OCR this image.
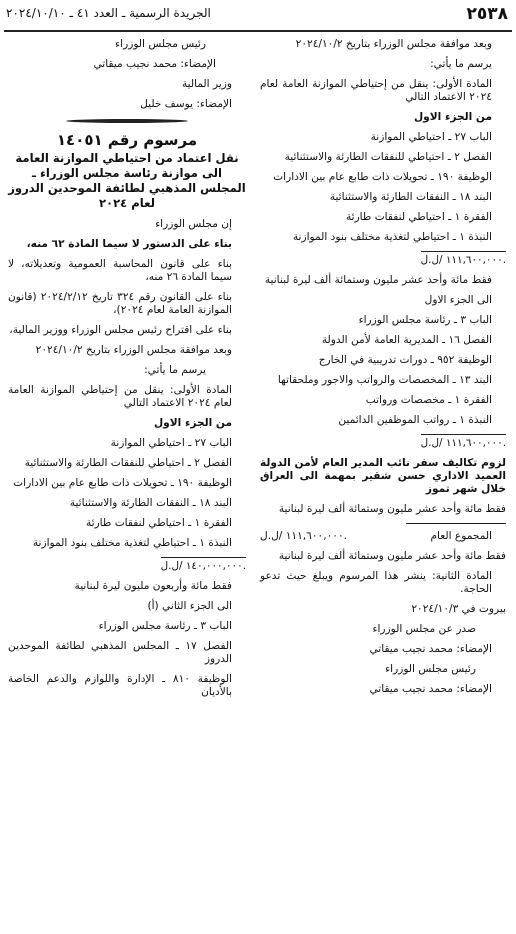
٢٥٣٨
الجريدة الرسمية ـ العدد ٤١ ـ ٢٠٢٤/١٠/١٠
وبعد موافقة مجلس الوزراء بتاريخ ٢٠٢٤/١٠/٢
يرسم ما يأتي:
المادة الأولى: ينقل من إحتياطي الموازنة العامة لعام ٢٠٢٤ الاعتماد التالي
من الجزء الاول
الباب ٢٧ ـ احتياطي الموازنة
الفصل ٢ ـ احتياطي للنفقات الطارئة والاستثنائية
الوظيفة ١٩٠ ـ تحويلات ذات طابع عام بين الادارات
البند ١٨ ـ النفقات الطارئة والاستثنائية
الفقرة ١ ـ احتياطي لنفقات طارئة
النبذة ١ ـ احتياطي لتغذية مختلف بنود الموازنة
١١١,٦٠٠,٠٠٠ /ل.ل.
فقط مائة وأحد عشر مليون وستمائة ألف ليرة لبنانية
الى الجزء الاول
الباب ٣ ـ رئاسة مجلس الوزراء
الفصل ١٦ ـ المديرية العامة لأمن الدولة
الوظيفة ٩٥٢ ـ دورات تدريبية في الخارج
البند ١٣ ـ المخصصات والرواتب والاجور وملحقاتها
الفقرة ١ ـ مخصصات ورواتب
النبذة ١ ـ رواتب الموظفين الدائمين
١١١,٦٠٠,٠٠٠ /ل.ل.
لزوم تكاليف سفر نائب المدير العام لأمن الدولة العميد الاداري حسن شقير بمهمة الى العراق خلال شهر تموز
فقط مائة وأحد عشر مليون وستمائة ألف ليرة لبنانية
المجموع العام
١١١,٦٠٠,٠٠٠ /ل.ل.
فقط مائة وأحد عشر مليون وستمائة ألف ليرة لبنانية
المادة الثانية: ينشر هذا المرسوم ويبلغ حيث تدعو الحاجة.
بيروت في ٢٠٢٤/١٠/٣
صدر عن مجلس الوزراء
الإمضاء: محمد نجيب ميقاتي
رئيس مجلس الوزراء
الإمضاء: محمد نجيب ميقاتي
رئيس مجلس الوزراء
الإمضاء: محمد نجيب ميقاتي
وزير المالية
الإمضاء: يوسف خليل
مرسوم رقم ١٤٠٥١
نقل اعتماد من احتياطي الموازنة العامة الى موازنة رئاسة مجلس الوزراء ـ المجلس المذهبي لطائفة الموحدين الدروز لعام ٢٠٢٤
إن مجلس الوزراء
بناء على الدستور لا سيما المادة ٦٢ منه،
بناء على قانون المحاسبة العمومية وتعديلاته، لا سيما المادة ٢٦ منه،
بناء على القانون رقم ٣٢٤ تاريخ ٢٠٢٤/٢/١٢ (قانون الموازنة العامة لعام ٢٠٢٤)،
بناء على اقتراح رئيس مجلس الوزراء ووزير المالية،
وبعد موافقة مجلس الوزراء بتاريخ ٢٠٢٤/١٠/٢
يرسم ما يأتي:
المادة الأولى: ينقل من إحتياطي الموازنة العامة لعام ٢٠٢٤ الاعتماد التالي
من الجزء الاول
الباب ٢٧ ـ احتياطي الموازنة
الفصل ٢ ـ احتياطي للنفقات الطارئة والاستثنائية
الوظيفة ١٩٠ ـ تحويلات ذات طابع عام بين الادارات
البند ١٨ ـ النفقات الطارئة والاستثنائية
الفقرة ١ ـ احتياطي لنفقات طارئة
النبذة ١ ـ احتياطي لتغذية مختلف بنود الموازنة
١٤٠,٠٠٠,٠٠٠ /ل.ل.
فقط مائة وأربعون مليون ليرة لبنانية
الى الجزء الثاني (أ)
الباب ٣ ـ رئاسة مجلس الوزراء
الفصل ١٧ ـ المجلس المذهبي لطائفة الموحدين الدروز
الوظيفة ٨١٠ ـ الإدارة واللوازم والدعم الخاصة بالأديان
